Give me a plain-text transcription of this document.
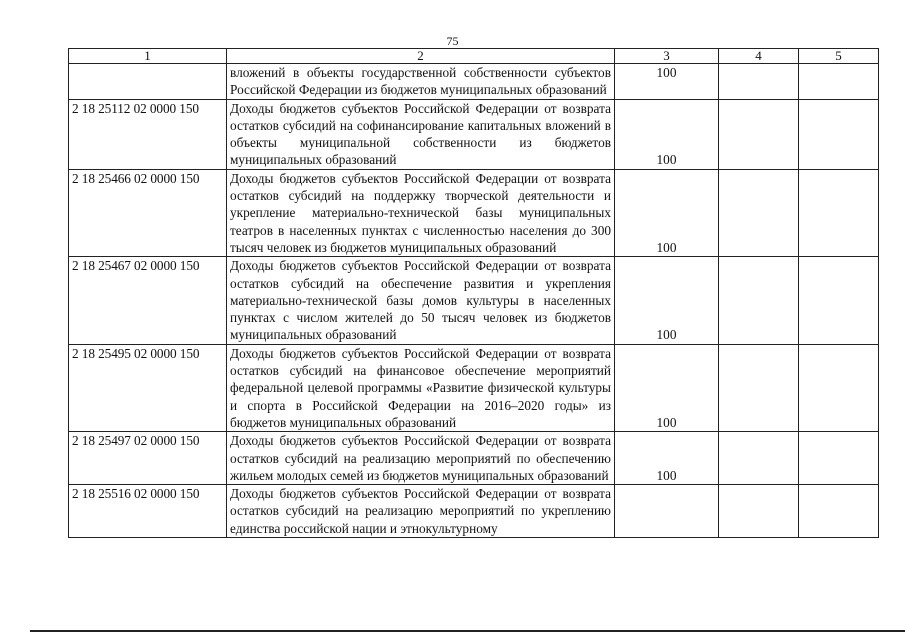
75
1	2	3	4	5
	вложений в объекты государственной собственности субъектов Российской Федерации из бюджетов муниципальных образований	100		
2 18 25112 02 0000 150	Доходы бюджетов субъектов Российской Федерации от возврата остатков субсидий на софинансирование капитальных вложений в объекты муниципальной собственности из бюджетов муниципальных образований	100		
2 18 25466 02 0000 150	Доходы бюджетов субъектов Российской Федерации от возврата остатков субсидий на поддержку творческой деятельности и укрепление материально-технической базы муниципальных театров в населенных пунктах с численностью населения до 300 тысяч человек из бюджетов муниципальных образований	100		
2 18 25467 02 0000 150	Доходы бюджетов субъектов Российской Федерации от возврата остатков субсидий на обеспечение развития и укрепления материально-технической базы домов культуры в населенных пунктах с числом жителей до 50 тысяч человек из бюджетов муниципальных образований	100		
2 18 25495 02 0000 150	Доходы бюджетов субъектов Российской Федерации от возврата остатков субсидий на финансовое обеспечение мероприятий федеральной целевой программы «Развитие физической культуры и спорта в Российской Федерации на 2016–2020 годы» из бюджетов муниципальных образований	100		
2 18 25497 02 0000 150	Доходы бюджетов субъектов Российской Федерации от возврата остатков субсидий на реализацию мероприятий по обеспечению жильем молодых семей из бюджетов муниципальных образований	100		
2 18 25516 02 0000 150	Доходы бюджетов субъектов Российской Федерации от возврата остатков субсидий на реализацию мероприятий по укреплению единства российской нации и этнокультурному			
